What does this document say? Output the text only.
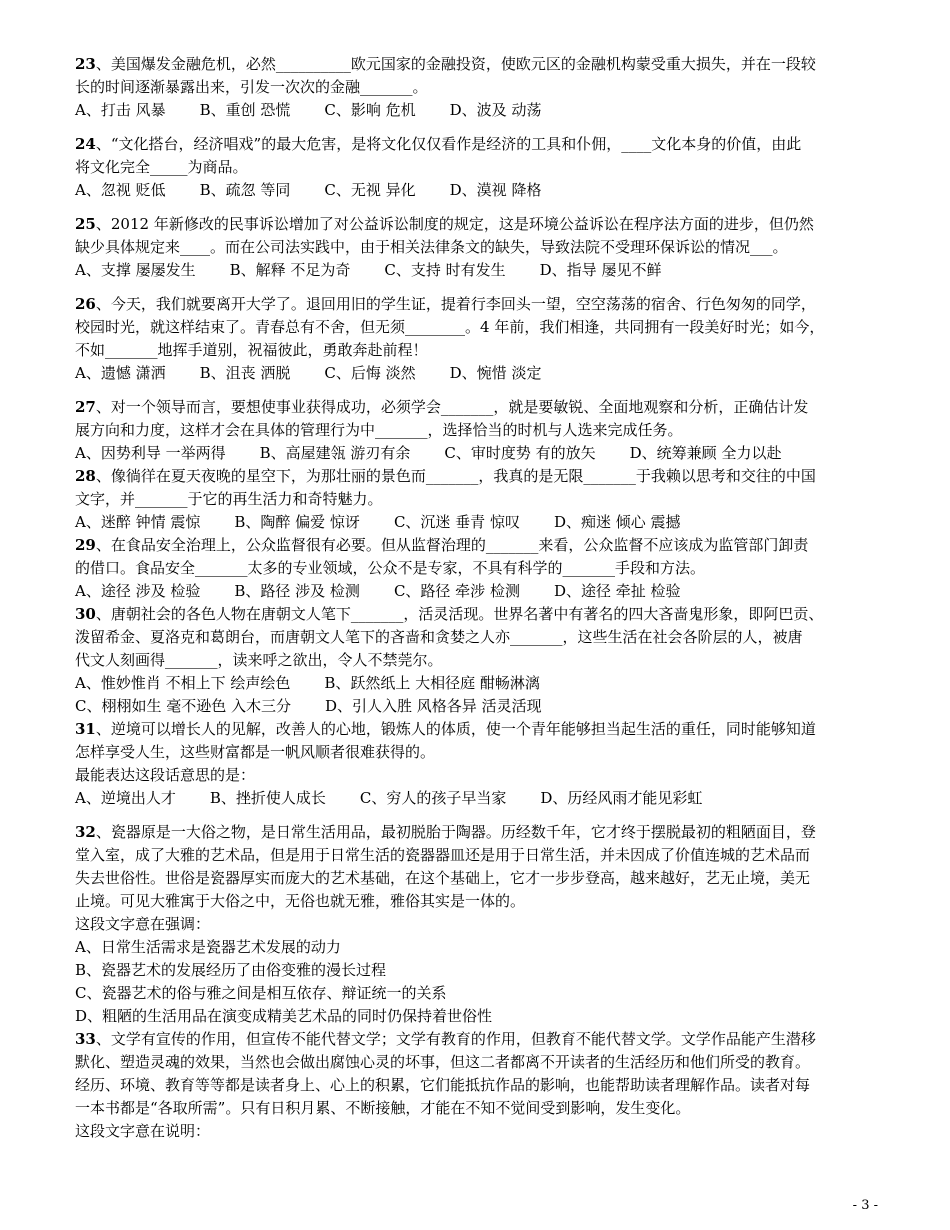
23、美国爆发金融危机，必然__________欧元国家的金融投资，使欧元区的金融机构蒙受重大损失，并在一段较
长的时间逐渐暴露出来，引发一次次的金融_______。
A、打击 风暴 B、重创 恐慌 C、影响 危机 D、波及 动荡
24、“文化搭台，经济唱戏”的最大危害，是将文化仅仅看作是经济的工具和仆佣，____文化本身的价值，由此
将文化完全_____为商品。
A、忽视 贬低 B、疏忽 等同 C、无视 异化 D、漠视 降格
25、2012 年新修改的民事诉讼增加了对公益诉讼制度的规定，这是环境公益诉讼在程序法方面的进步，但仍然
缺少具体规定来____。而在公司法实践中，由于相关法律条文的缺失，导致法院不受理环保诉讼的情况___。
A、支撑 屡屡发生 B、解释 不足为奇 C、支持 时有发生 D、指导 屡见不鲜
26、今天，我们就要离开大学了。退回用旧的学生证，提着行李回头一望，空空荡荡的宿舍、行色匆匆的同学，
校园时光，就这样结束了。青春总有不舍，但无须________。4 年前，我们相逢，共同拥有一段美好时光；如今，
不如_______地挥手道别，祝福彼此，勇敢奔赴前程！
A、遗憾 潇洒 B、沮丧 洒脱 C、后悔 淡然 D、惋惜 淡定
27、对一个领导而言，要想使事业获得成功，必须学会_______，就是要敏锐、全面地观察和分析，正确估计发
展方向和力度，这样才会在具体的管理行为中_______，选择恰当的时机与人选来完成任务。
A、因势利导 一举两得 B、高屋建瓴 游刃有余 C、审时度势 有的放矢 D、统筹兼顾 全力以赴
28、像徜徉在夏天夜晚的星空下，为那壮丽的景色而_______，我真的是无限_______于我赖以思考和交往的中国
文字，并_______于它的再生活力和奇特魅力。
A、迷醉 钟情 震惊 B、陶醉 偏爱 惊讶 C、沉迷 垂青 惊叹 D、痴迷 倾心 震撼
29、在食品安全治理上，公众监督很有必要。但从监督治理的_______来看，公众监督不应该成为监管部门卸责
的借口。食品安全_______太多的专业领域，公众不是专家，不具有科学的_______手段和方法。
A、途径 涉及 检验 B、路径 涉及 检测 C、路径 牵涉 检测 D、途径 牵扯 检验
30、唐朝社会的各色人物在唐朝文人笔下_______，活灵活现。世界名著中有著名的四大吝啬鬼形象，即阿巴贡、
泼留希金、夏洛克和葛朗台，而唐朝文人笔下的吝啬和贪婪之人亦_______，这些生活在社会各阶层的人，被唐
代文人刻画得_______，读来呼之欲出，令人不禁莞尔。
A、惟妙惟肖 不相上下 绘声绘色 B、跃然纸上 大相径庭 酣畅淋漓
C、栩栩如生 毫不逊色 入木三分 D、引人入胜 风格各异 活灵活现
31、逆境可以增长人的见解，改善人的心地，锻炼人的体质，使一个青年能够担当起生活的重任，同时能够知道
怎样享受人生，这些财富都是一帆风顺者很难获得的。
最能表达这段话意思的是：
A、逆境出人才 B、挫折使人成长 C、穷人的孩子早当家 D、历经风雨才能见彩虹
32、瓷器原是一大俗之物，是日常生活用品，最初脱胎于陶器。历经数千年，它才终于摆脱最初的粗陋面目，登
堂入室，成了大雅的艺术品，但是用于日常生活的瓷器器皿还是用于日常生活，并未因成了价值连城的艺术品而
失去世俗性。世俗是瓷器厚实而庞大的艺术基础，在这个基础上，它才一步步登高，越来越好，艺无止境，美无
止境。可见大雅寓于大俗之中，无俗也就无雅，雅俗其实是一体的。
这段文字意在强调：
A、日常生活需求是瓷器艺术发展的动力
B、瓷器艺术的发展经历了由俗变雅的漫长过程
C、瓷器艺术的俗与雅之间是相互依存、辩证统一的关系
D、粗陋的生活用品在演变成精美艺术品的同时仍保持着世俗性
33、文学有宣传的作用，但宣传不能代替文学；文学有教育的作用，但教育不能代替文学。文学作品能产生潜移
默化、塑造灵魂的效果，当然也会做出腐蚀心灵的坏事，但这二者都离不开读者的生活经历和他们所受的教育。
经历、环境、教育等等都是读者身上、心上的积累，它们能抵抗作品的影响，也能帮助读者理解作品。读者对每
一本书都是“各取所需”。只有日积月累、不断接触，才能在不知不觉间受到影响，发生变化。
这段文字意在说明：
- 3 -
